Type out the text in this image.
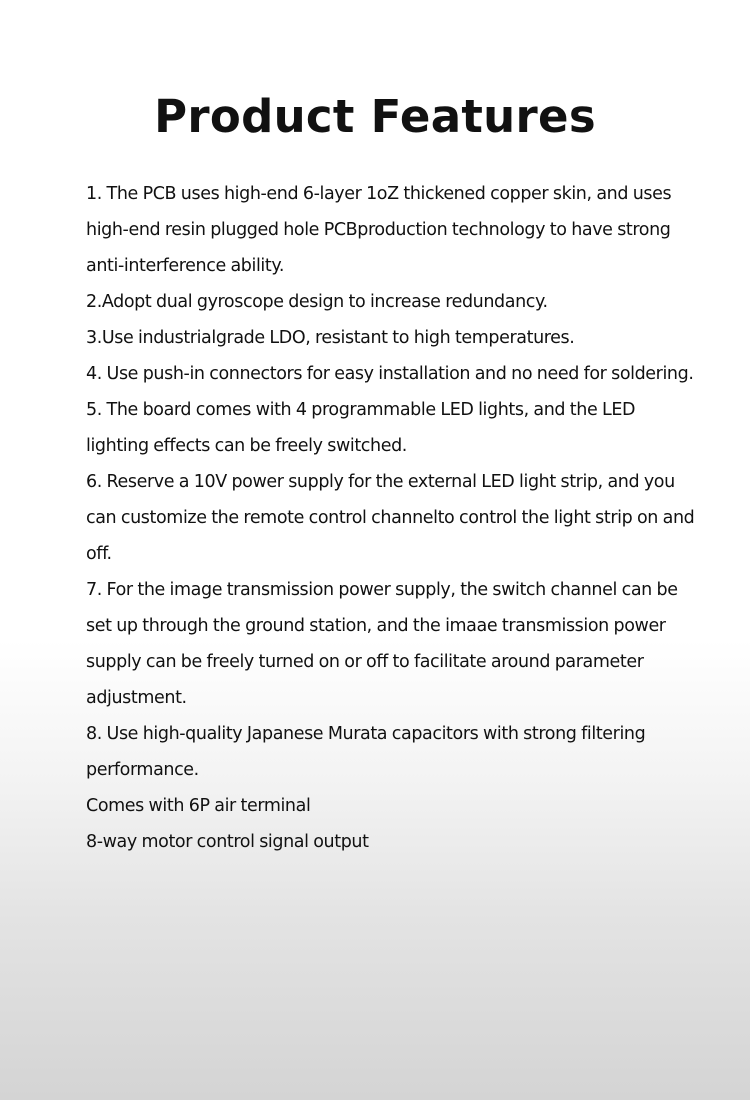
Product Features
1. The PCB uses high-end 6-layer 1oZ thickened copper skin, and uses
high-end resin plugged hole PCBproduction technology to have strong
anti-interference ability.
2.Adopt dual gyroscope design to increase redundancy.
3.Use industrialgrade LDO, resistant to high temperatures.
4. Use push-in connectors for easy installation and no need for soldering.
5. The board comes with 4 programmable LED lights, and the LED
lighting effects can be freely switched.
6. Reserve a 10V power supply for the external LED light strip, and you
can customize the remote control channelto control the light strip on and
off.
7. For the image transmission power supply, the switch channel can be
set up through the ground station, and the imaae transmission power
supply can be freely turned on or off to facilitate around parameter
adjustment.
8. Use high-quality Japanese Murata capacitors with strong filtering
performance.
Comes with 6P air terminal
8-way motor control signal output
